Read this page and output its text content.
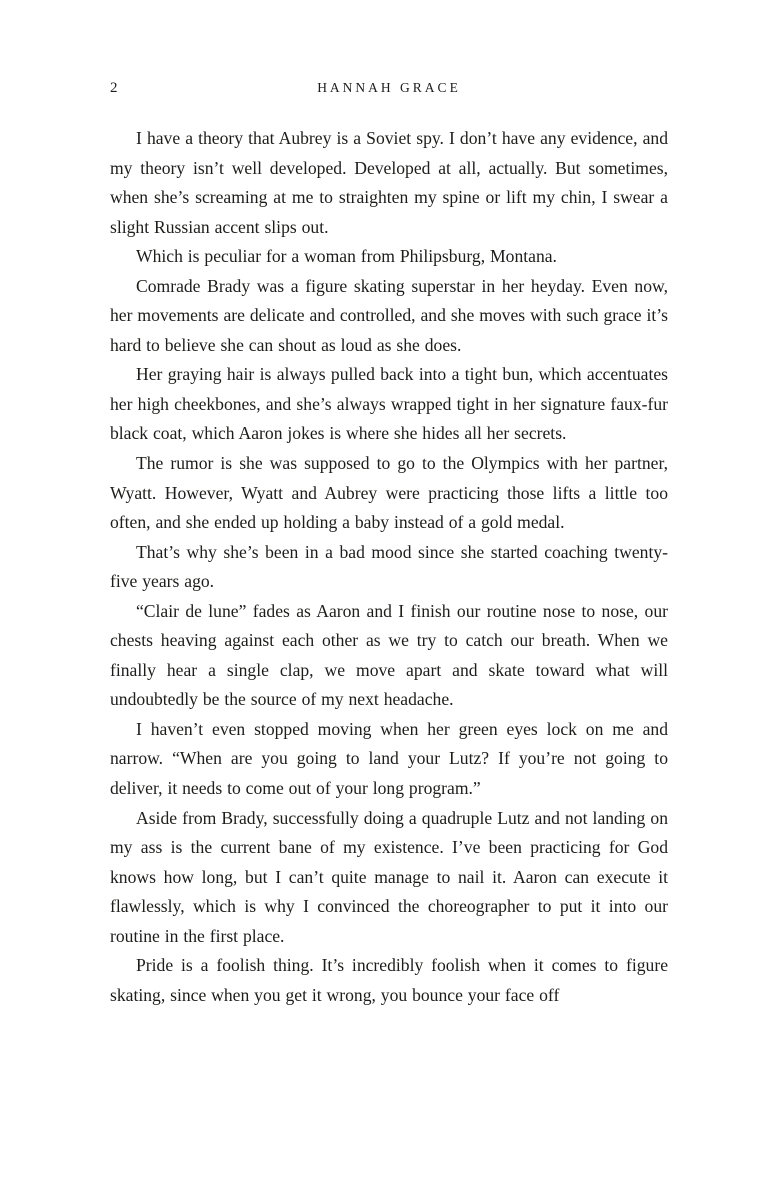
2	HANNAH GRACE

I have a theory that Aubrey is a Soviet spy. I don’t have any evidence, and my theory isn’t well developed. Developed at all, actually. But sometimes, when she’s screaming at me to straighten my spine or lift my chin, I swear a slight Russian accent slips out.

Which is peculiar for a woman from Philipsburg, Montana.

Comrade Brady was a figure skating superstar in her heyday. Even now, her movements are delicate and controlled, and she moves with such grace it’s hard to believe she can shout as loud as she does.

Her graying hair is always pulled back into a tight bun, which accentuates her high cheekbones, and she’s always wrapped tight in her signature faux-fur black coat, which Aaron jokes is where she hides all her secrets.

The rumor is she was supposed to go to the Olympics with her partner, Wyatt. However, Wyatt and Aubrey were practicing those lifts a little too often, and she ended up holding a baby instead of a gold medal.

That’s why she’s been in a bad mood since she started coaching twenty-five years ago.

“Clair de lune” fades as Aaron and I finish our routine nose to nose, our chests heaving against each other as we try to catch our breath. When we finally hear a single clap, we move apart and skate toward what will undoubtedly be the source of my next headache.

I haven’t even stopped moving when her green eyes lock on me and narrow. “When are you going to land your Lutz? If you’re not going to deliver, it needs to come out of your long program.”

Aside from Brady, successfully doing a quadruple Lutz and not landing on my ass is the current bane of my existence. I’ve been practicing for God knows how long, but I can’t quite manage to nail it. Aaron can execute it flawlessly, which is why I convinced the choreographer to put it into our routine in the first place.

Pride is a foolish thing. It’s incredibly foolish when it comes to figure skating, since when you get it wrong, you bounce your face off
